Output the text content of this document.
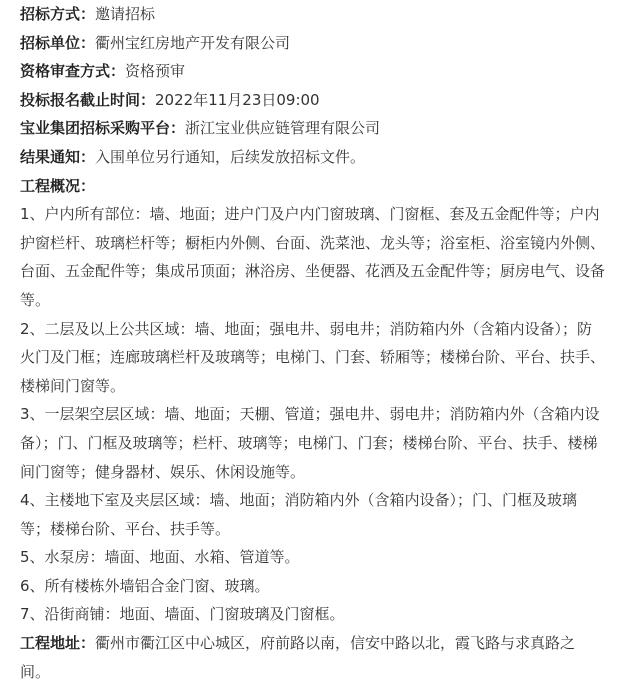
招标方式：邀请招标
招标单位：衢州宝红房地产开发有限公司
资格审查方式：资格预审
投标报名截止时间：2022年11月23日09:00
宝业集团招标采购平台：浙江宝业供应链管理有限公司
结果通知：入围单位另行通知，后续发放招标文件。
工程概况：
1、户内所有部位：墙、地面；进户门及户内门窗玻璃、门窗框、套及五金配件等；户内护窗栏杆、玻璃栏杆等；橱柜内外侧、台面、洗菜池、龙头等；浴室柜、浴室镜内外侧、台面、五金配件等；集成吊顶面；淋浴房、坐便器、花洒及五金配件等；厨房电气、设备等。
2、二层及以上公共区域：墙、地面；强电井、弱电井；消防箱内外（含箱内设备）；防火门及门框；连廊玻璃栏杆及玻璃等；电梯门、门套、轿厢等；楼梯台阶、平台、扶手、楼梯间门窗等。
3、一层架空层区域：墙、地面；天棚、管道；强电井、弱电井；消防箱内外（含箱内设备）；门、门框及玻璃等；栏杆、玻璃等；电梯门、门套；楼梯台阶、平台、扶手、楼梯间门窗等；健身器材、娱乐、休闲设施等。
4、主楼地下室及夹层区域：墙、地面；消防箱内外（含箱内设备）；门、门框及玻璃等；楼梯台阶、平台、扶手等。
5、水泵房：墙面、地面、水箱、管道等。
6、所有楼栋外墙铝合金门窗、玻璃。
7、沿街商铺：地面、墙面、门窗玻璃及门窗框。
工程地址：衢州市衢江区中心城区，府前路以南，信安中路以北，霞飞路与求真路之间。
